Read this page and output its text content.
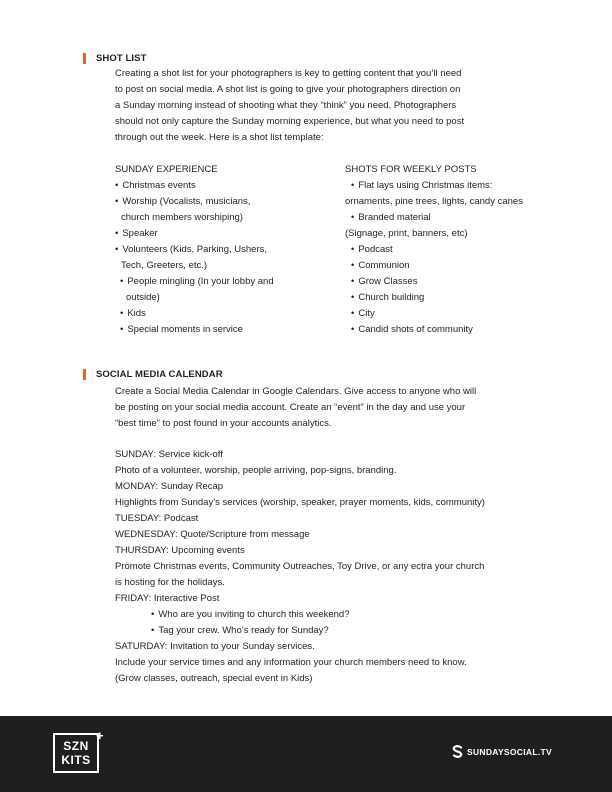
SHOT LIST
Creating a shot list for your photographers is key to getting content that you’ll need
to post on social media. A shot list is going to give your photographers direction on
a Sunday morning instead of shooting what they “think” you need. Photographers
should not only capture the Sunday morning experience, but what you need to post
through out the week. Here is a shot list template:
SUNDAY EXPERIENCE
• Christmas events
• Worship (Vocalists, musicians,
church members worshiping)
• Speaker
• Volunteers (Kids, Parking, Ushers,
Tech, Greeters, etc.)
• People mingling (In your lobby and
outside)
• Kids
• Special moments in service
SHOTS FOR WEEKLY POSTS
• Flat lays using Christmas items:
ornaments, pine trees, lights, candy canes
• Branded material
(Signage, print, banners, etc)
• Podcast
• Communion
• Grow Classes
• Church building
• City
• Candid shots of community
SOCIAL MEDIA CALENDAR
Create a Social Media Calendar in Google Calendars. Give access to anyone who will
be posting on your social media account. Create an “event” in the day and use your
“best time” to post found in your accounts analytics.
SUNDAY: Service kick-off
Photo of a volunteer, worship, people arriving, pop-signs, branding.
MONDAY: Sunday Recap
Highlights from Sunday’s services (worship, speaker, prayer moments, kids, community)
TUESDAY: Podcast
WEDNESDAY: Quote/Scripture from message
THURSDAY: Upcoming events
Promote Christmas events, Community Outreaches, Toy Drive, or any ectra your church
is hosting for the holidays.
FRIDAY: Interactive Post
• Who are you inviting to church this weekend?
• Tag your crew. Who’s ready for Sunday?
SATURDAY: Invitation to your Sunday services.
Include your service times and any information your church members need to know.
(Grow classes, outreach, special event in Kids)
SZN
KITS
+
SUNDAYSOCIAL.TV
